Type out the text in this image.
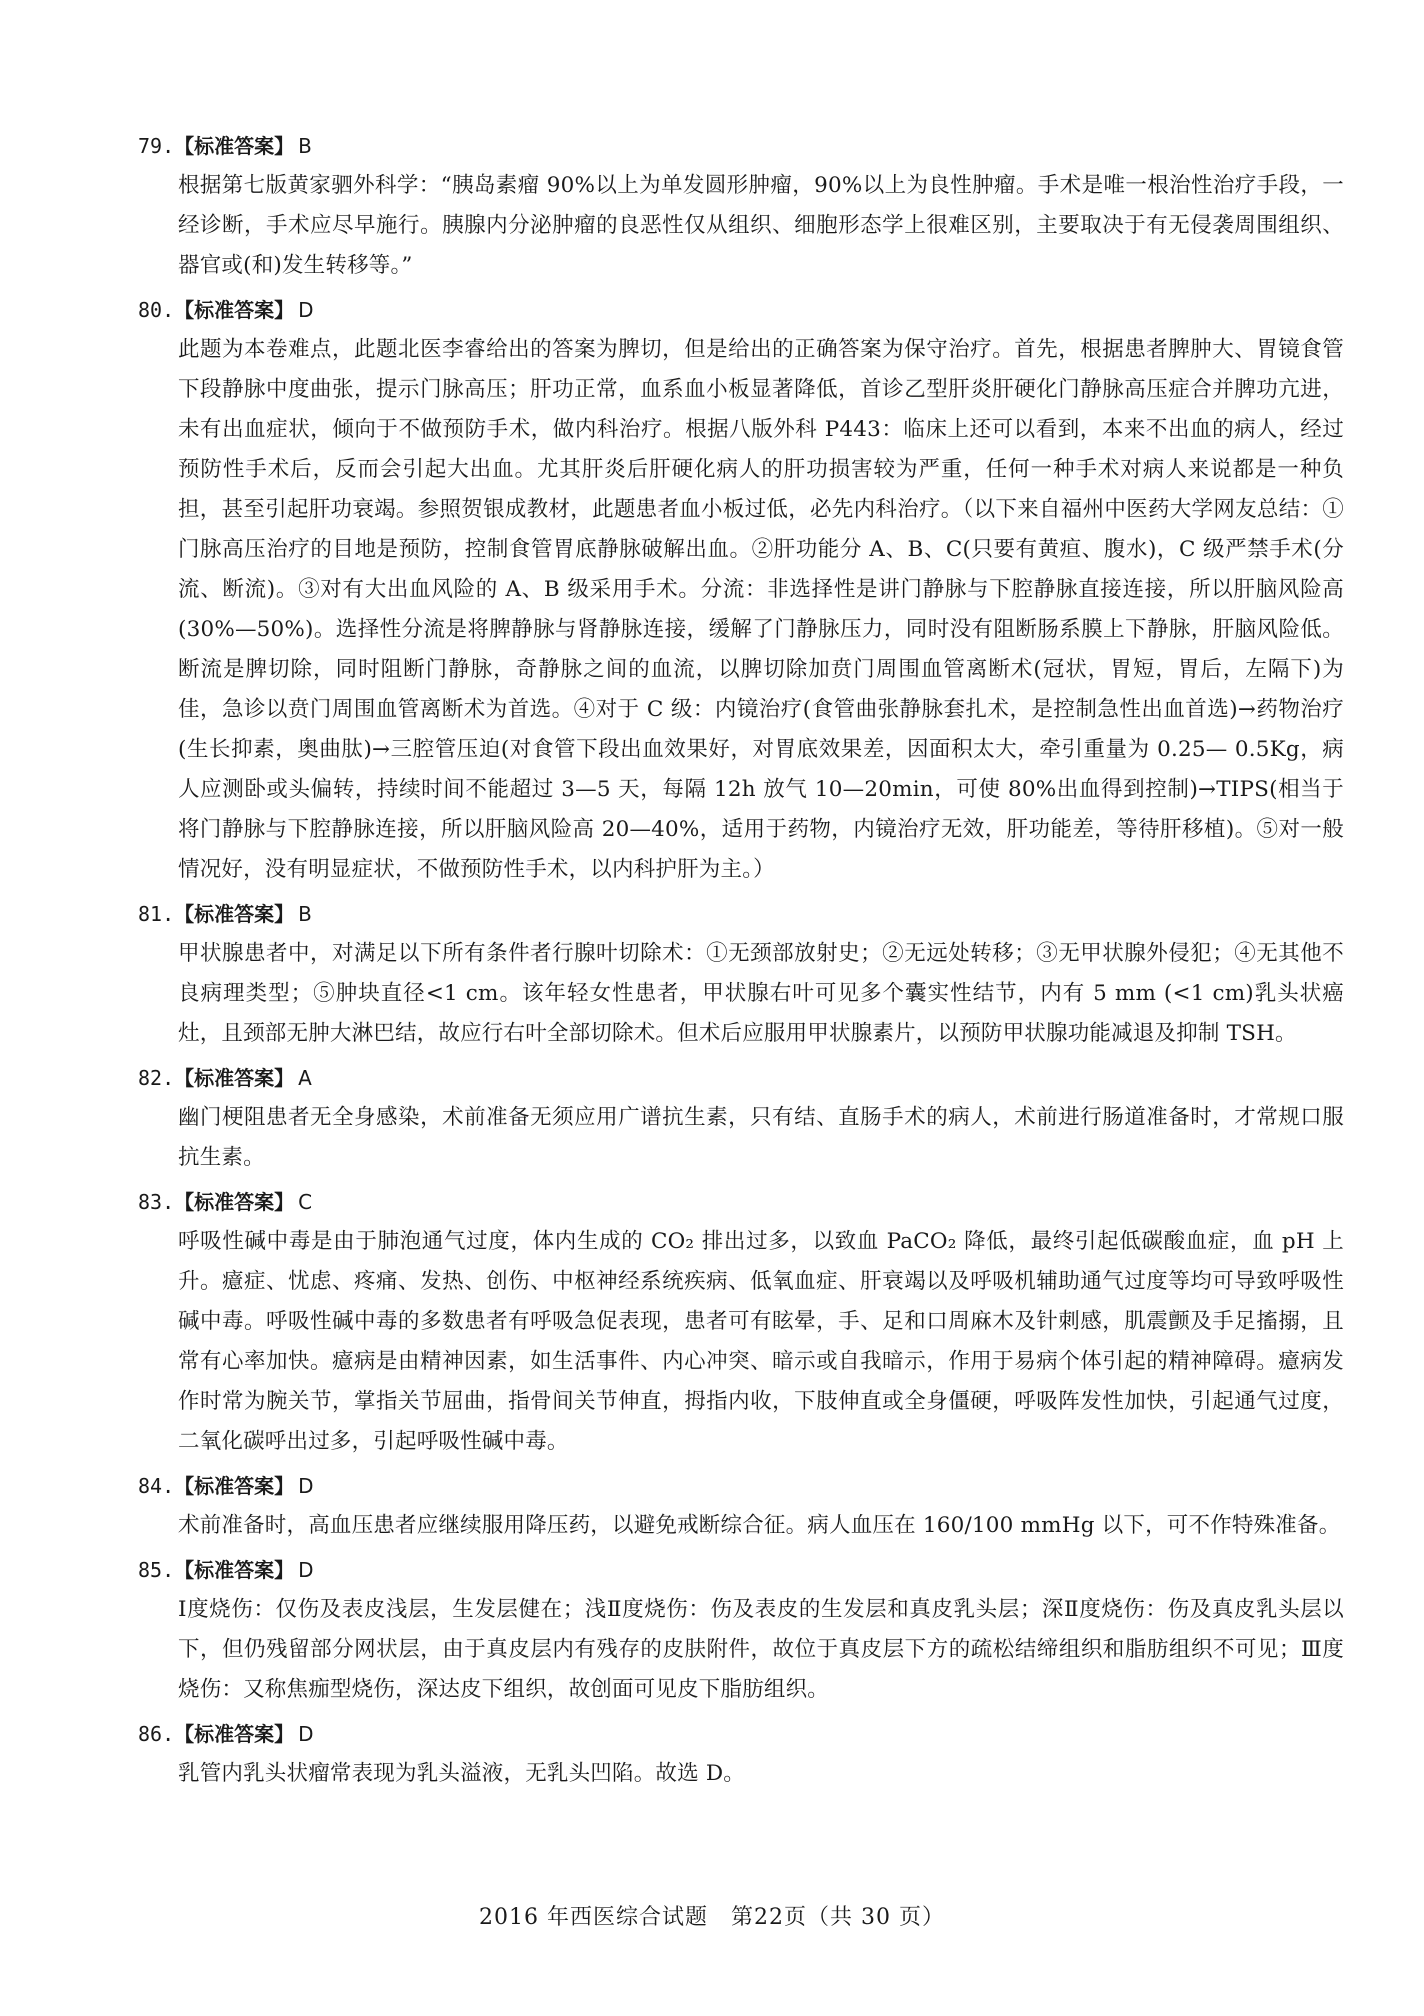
79.【标准答案】 B
根据第七版黄家驷外科学：“胰岛素瘤 90%以上为单发圆形肿瘤，90%以上为良性肿瘤。手术是唯一根治性治疗手段，一经诊断，手术应尽早施行。胰腺内分泌肿瘤的良恶性仅从组织、细胞形态学上很难区别，主要取决于有无侵袭周围组织、器官或(和)发生转移等。”
80.【标准答案】 D
此题为本卷难点，此题北医李睿给出的答案为脾切，但是给出的正确答案为保守治疗。首先，根据患者脾肿大、胃镜食管下段静脉中度曲张，提示门脉高压；肝功正常，血系血小板显著降低，首诊乙型肝炎肝硬化门静脉高压症合并脾功亢进，未有出血症状，倾向于不做预防手术，做内科治疗。根据八版外科 P443：临床上还可以看到，本来不出血的病人，经过预防性手术后，反而会引起大出血。尤其肝炎后肝硬化病人的肝功损害较为严重，任何一种手术对病人来说都是一种负担，甚至引起肝功衰竭。参照贺银成教材，此题患者血小板过低，必先内科治疗。（以下来自福州中医药大学网友总结：①门脉高压治疗的目地是预防，控制食管胃底静脉破解出血。②肝功能分 A、B、C(只要有黄疸、腹水)，C 级严禁手术(分流、断流)。③对有大出血风险的 A、B 级采用手术。分流：非选择性是讲门静脉与下腔静脉直接连接，所以肝脑风险高(30%—50%)。选择性分流是将脾静脉与肾静脉连接，缓解了门静脉压力，同时没有阻断肠系膜上下静脉，肝脑风险低。断流是脾切除，同时阻断门静脉，奇静脉之间的血流，以脾切除加贲门周围血管离断术(冠状，胃短，胃后，左隔下)为佳，急诊以贲门周围血管离断术为首选。④对于 C 级：内镜治疗(食管曲张静脉套扎术，是控制急性出血首选)→药物治疗(生长抑素，奥曲肽)→三腔管压迫(对食管下段出血效果好，对胃底效果差，因面积太大，牵引重量为 0.25— 0.5Kg，病人应测卧或头偏转，持续时间不能超过 3—5 天，每隔 12h 放气 10—20min，可使 80%出血得到控制)→TIPS(相当于将门静脉与下腔静脉连接，所以肝脑风险高 20—40%，适用于药物，内镜治疗无效，肝功能差，等待肝移植)。⑤对一般情况好，没有明显症状，不做预防性手术，以内科护肝为主。）
81.【标准答案】 B
甲状腺患者中，对满足以下所有条件者行腺叶切除术：①无颈部放射史；②无远处转移；③无甲状腺外侵犯；④无其他不良病理类型；⑤肿块直径<1 cm。该年轻女性患者，甲状腺右叶可见多个囊实性结节，内有 5 mm (<1 cm)乳头状癌灶，且颈部无肿大淋巴结，故应行右叶全部切除术。但术后应服用甲状腺素片，以预防甲状腺功能减退及抑制 TSH。
82.【标准答案】 A
幽门梗阻患者无全身感染，术前准备无须应用广谱抗生素，只有结、直肠手术的病人，术前进行肠道准备时，才常规口服抗生素。
83.【标准答案】 C
呼吸性碱中毒是由于肺泡通气过度，体内生成的 CO₂ 排出过多，以致血 PaCO₂ 降低，最终引起低碳酸血症，血 pH 上升。癔症、忧虑、疼痛、发热、创伤、中枢神经系统疾病、低氧血症、肝衰竭以及呼吸机辅助通气过度等均可导致呼吸性碱中毒。呼吸性碱中毒的多数患者有呼吸急促表现，患者可有眩晕，手、足和口周麻木及针刺感，肌震颤及手足搐搦，且常有心率加快。癔病是由精神因素，如生活事件、内心冲突、暗示或自我暗示，作用于易病个体引起的精神障碍。癔病发作时常为腕关节，掌指关节屈曲，指骨间关节伸直，拇指内收，下肢伸直或全身僵硬，呼吸阵发性加快，引起通气过度，二氧化碳呼出过多，引起呼吸性碱中毒。
84.【标准答案】 D
术前准备时，高血压患者应继续服用降压药，以避免戒断综合征。病人血压在 160/100 mmHg 以下，可不作特殊准备。
85.【标准答案】 D
Ⅰ度烧伤：仅伤及表皮浅层，生发层健在；浅Ⅱ度烧伤：伤及表皮的生发层和真皮乳头层；深Ⅱ度烧伤：伤及真皮乳头层以下，但仍残留部分网状层，由于真皮层内有残存的皮肤附件，故位于真皮层下方的疏松结缔组织和脂肪组织不可见；Ⅲ度烧伤：又称焦痂型烧伤，深达皮下组织，故创面可见皮下脂肪组织。
86.【标准答案】 D
乳管内乳头状瘤常表现为乳头溢液，无乳头凹陷。故选 D。
2016 年西医综合试题　第22页（共 30 页）
